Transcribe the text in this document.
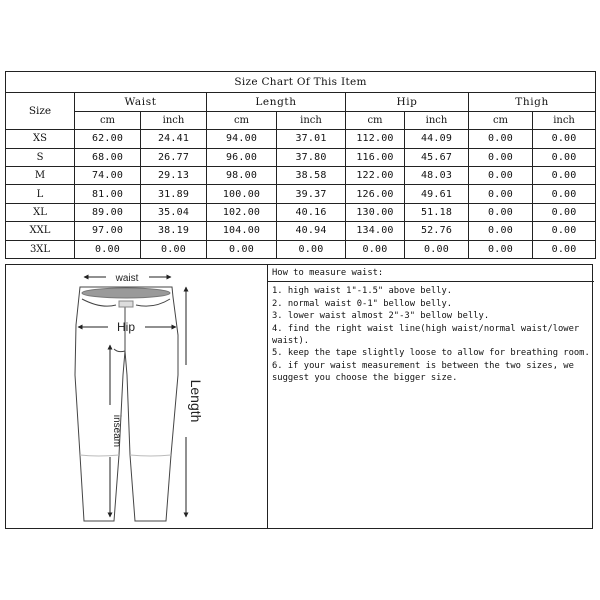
Size Chart Of This Item								
Size	Waist		Length		Hip		Thigh	
	cm	inch	cm	inch	cm	inch	cm	inch
XS	62.00	24.41	94.00	37.01	112.00	44.09	0.00	0.00
S	68.00	26.77	96.00	37.80	116.00	45.67	0.00	0.00
M	74.00	29.13	98.00	38.58	122.00	48.03	0.00	0.00
L	81.00	31.89	100.00	39.37	126.00	49.61	0.00	0.00
XL	89.00	35.04	102.00	40.16	130.00	51.18	0.00	0.00
XXL	97.00	38.19	104.00	40.94	134.00	52.76	0.00	0.00
3XL	0.00	0.00	0.00	0.00	0.00	0.00	0.00	0.00
waist
Hip
Length
inseam
How to measure waist:
1. high waist 1"-1.5" above belly.
2. normal waist 0-1" bellow belly.
3. lower waist almost 2"-3" bellow belly.
4. find the right waist line(high waist/normal waist/lower waist).
5. keep the tape slightly loose to allow for breathing room.
6. if your waist measurement is between the two sizes, we suggest you choose the bigger size.
